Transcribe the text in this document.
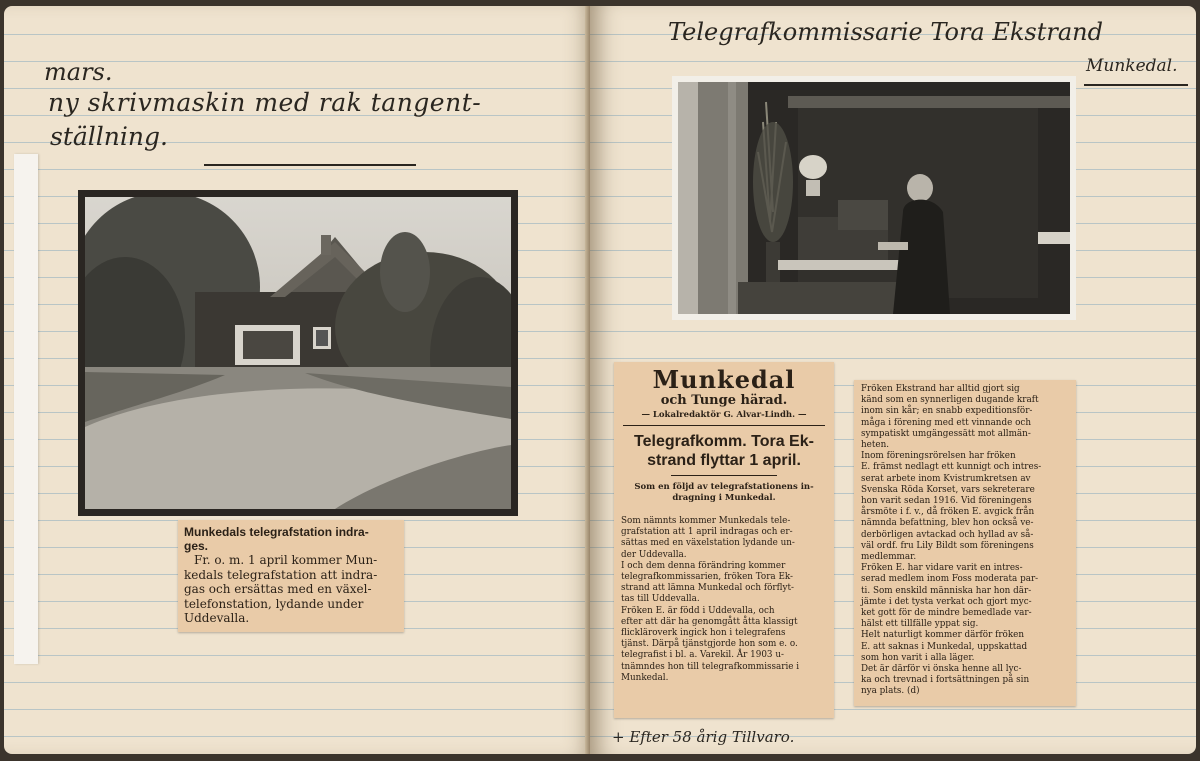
mars.

ny skrivmaskin med rak tangent-

ställning.

Munkedals telegrafstation indra-

ges.

Fr. o. m. 1 april kommer Mun-

kedals telegrafstation att indra-

gas och ersättas med en växel-

telefonstation, lydande under

Uddevalla.

Telegrafkommissarie Tora Ekstrand

Munkedal.

Munkedal

och Tunge härad.

— Lokalredaktör G. Alvar-Lindh. —

Telegrafkomm. Tora Ek-

strand flyttar 1 april.

Som en följd av telegrafstationens in-

dragning i Munkedal.

Som nämnts kommer Munkedals tele-

grafstation att 1 april indragas och er-

sättas med en växelstation lydande un-

der Uddevalla.

I och dem denna förändring kommer

telegrafkommissarien, fröken Tora Ek-

strand att lämna Munkedal och förflyt-

tas till Uddevalla.

Fröken E. är född i Uddevalla, och

efter att där ha genomgått åtta klassigt

flickläroverk ingick hon i telegrafens

tjänst. Därpå tjänstgjorde hon som e. o.

telegrafist i bl. a. Varekil. År 1903 u-

tnämndes hon till telegrafkommissarie i

Munkedal.

Fröken Ekstrand har alltid gjort sig

känd som en synnerligen dugande kraft

inom sin kår; en snabb expeditionsför-

måga i förening med ett vinnande och

sympatiskt umgängessätt mot allmän-

heten.

Inom föreningsrörelsen har fröken

E. främst nedlagt ett kunnigt och intres-

serat arbete inom Kvistrumkretsen av

Svenska Röda Korset, vars sekreterare

hon varit sedan 1916. Vid föreningens

årsmöte i f. v., då fröken E. avgick från

nämnda befattning, blev hon också ve-

derbörligen avtackad och hyllad av så-

väl ordf. fru Lily Bildt som föreningens

medlemmar.

Fröken E. har vidare varit en intres-

serad medlem inom Foss moderata par-

ti. Som enskild människa har hon där-

jämte i det tysta verkat och gjort myc-

ket gott för de mindre bemedlade var-

hälst ett tillfälle yppat sig.

Helt naturligt kommer därför fröken

E. att saknas i Munkedal, uppskattad

som hon varit i alla läger.

Det är därför vi önska henne all lyc-

ka och trevnad i fortsättningen på sin

nya plats. (d)

+ Efter 58 årig Tillvaro.
